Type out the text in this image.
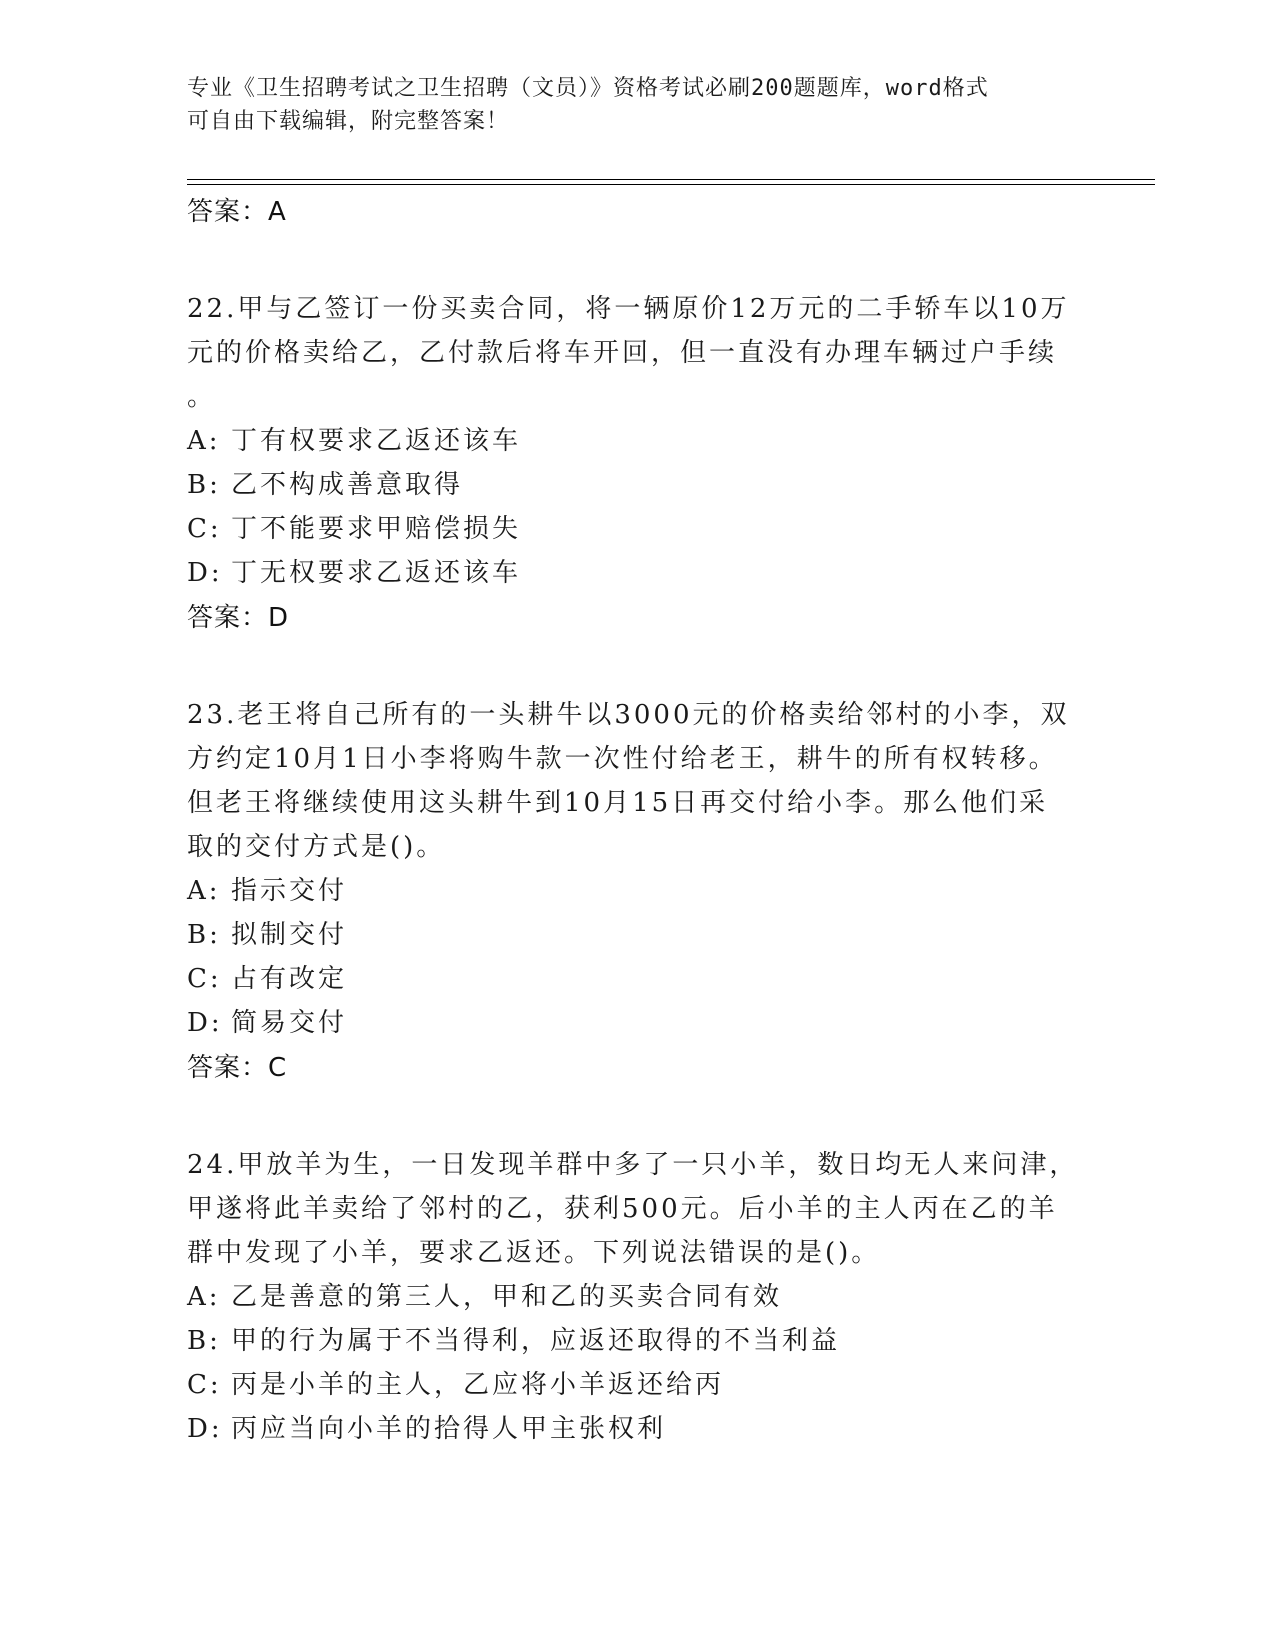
专业《卫生招聘考试之卫生招聘（文员）》资格考试必刷200题题库，word格式
可自由下载编辑，附完整答案！
答案：A
22.甲与乙签订一份买卖合同，将一辆原价12万元的二手轿车以10万
元的价格卖给乙，乙付款后将车开回，但一直没有办理车辆过户手续
。
A: 丁有权要求乙返还该车
B: 乙不构成善意取得
C: 丁不能要求甲赔偿损失
D: 丁无权要求乙返还该车
答案：D
23.老王将自己所有的一头耕牛以3000元的价格卖给邻村的小李，双
方约定10月1日小李将购牛款一次性付给老王，耕牛的所有权转移。
但老王将继续使用这头耕牛到10月15日再交付给小李。那么他们采
取的交付方式是()。
A: 指示交付
B: 拟制交付
C: 占有改定
D: 简易交付
答案：C
24.甲放羊为生，一日发现羊群中多了一只小羊，数日均无人来问津，
甲遂将此羊卖给了邻村的乙，获利500元。后小羊的主人丙在乙的羊
群中发现了小羊，要求乙返还。下列说法错误的是()。
A: 乙是善意的第三人，甲和乙的买卖合同有效
B: 甲的行为属于不当得利，应返还取得的不当利益
C: 丙是小羊的主人，乙应将小羊返还给丙
D: 丙应当向小羊的拾得人甲主张权利
